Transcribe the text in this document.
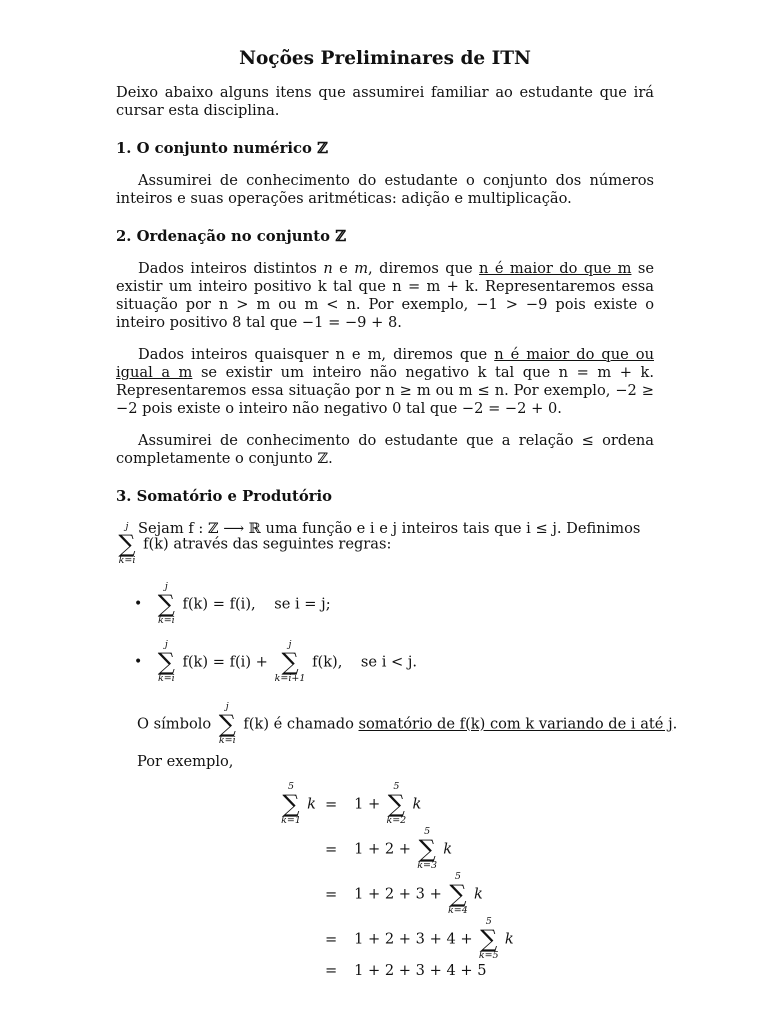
Noções Preliminares de ITN

Deixo abaixo alguns itens que assumirei familiar ao estudante que irá cursar esta disciplina.

1. O conjunto numérico ℤ

Assumirei de conhecimento do estudante o conjunto dos números inteiros e suas operações aritméticas: adição e multiplicação.

2. Ordenação no conjunto ℤ

Dados inteiros distintos n e m, diremos que n é maior do que m se existir um inteiro positivo k tal que n = m + k. Representaremos essa situação por n > m ou m < n. Por exemplo, −1 > −9 pois existe o inteiro positivo 8 tal que −1 = −9 + 8.

Dados inteiros quaisquer n e m, diremos que n é maior do que ou igual a m se existir um inteiro não negativo k tal que n = m + k. Representaremos essa situação por n ≥ m ou m ≤ n. Por exemplo, −2 ≥ −2 pois existe o inteiro não negativo 0 tal que −2 = −2 + 0.

Assumirei de conhecimento do estudante que a relação ≤ ordena completamente o conjunto ℤ.

3. Somatório e Produtório

Sejam f : ℤ ⟶ ℝ uma função e i e j inteiros tais que i ≤ j. Definimos

j
∑
k=i
f(k) através das seguintes regras:
•
j
∑
k=i
f(k) = f(i),    se i = j;
•
j
∑
k=i
f(k) = f(i) +
j
∑
k=i+1
f(k),    se i < j.
O símbolo
j
∑
k=i
f(k) é chamado somatório de f(k) com k variando de i até j.
Por exemplo,
5
∑
k=1
k = 1 +
5
∑
k=2
k
= 1 + 2 +
5
∑
k=3
k
= 1 + 2 + 3 +
5
∑
k=4
k
= 1 + 2 + 3 + 4 +
5
∑
k=5
k
= 1 + 2 + 3 + 4 + 5
